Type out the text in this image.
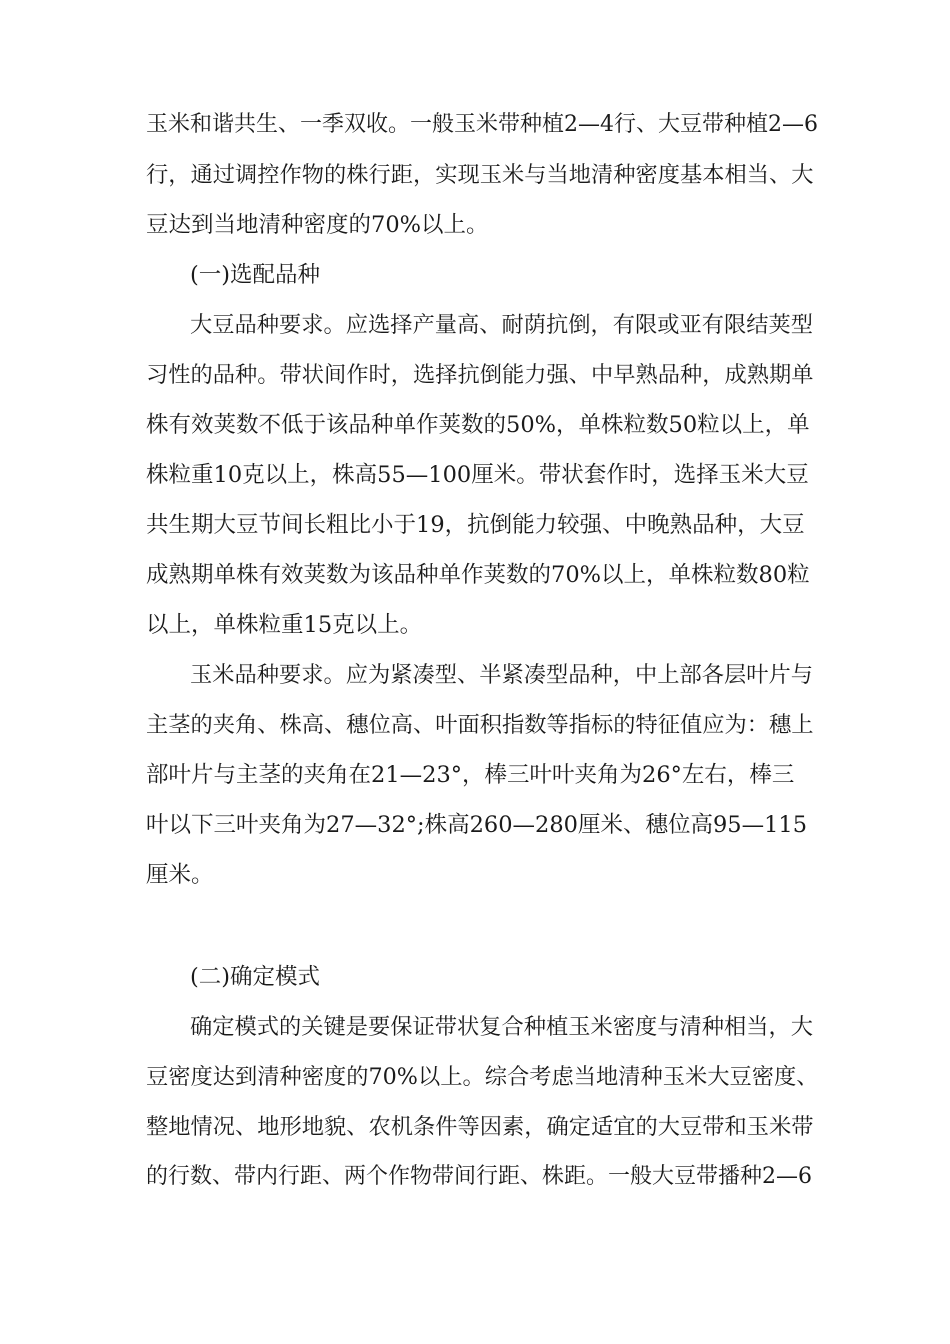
玉米和谐共生、一季双收。一般玉米带种植2—4行、大豆带种植2—6
行，通过调控作物的株行距，实现玉米与当地清种密度基本相当、大
豆达到当地清种密度的70%以上。
(一)选配品种
大豆品种要求。应选择产量高、耐荫抗倒，有限或亚有限结荚型
习性的品种。带状间作时，选择抗倒能力强、中早熟品种，成熟期单
株有效荚数不低于该品种单作荚数的50%，单株粒数50粒以上，单
株粒重10克以上，株高55—100厘米。带状套作时，选择玉米大豆
共生期大豆节间长粗比小于19，抗倒能力较强、中晚熟品种，大豆
成熟期单株有效荚数为该品种单作荚数的70%以上，单株粒数80粒
以上，单株粒重15克以上。
玉米品种要求。应为紧凑型、半紧凑型品种，中上部各层叶片与
主茎的夹角、株高、穗位高、叶面积指数等指标的特征值应为：穗上
部叶片与主茎的夹角在21—23°，棒三叶叶夹角为26°左右，棒三
叶以下三叶夹角为27—32°;株高260—280厘米、穗位高95—115
厘米。
(二)确定模式
确定模式的关键是要保证带状复合种植玉米密度与清种相当，大
豆密度达到清种密度的70%以上。综合考虑当地清种玉米大豆密度、
整地情况、地形地貌、农机条件等因素，确定适宜的大豆带和玉米带
的行数、带内行距、两个作物带间行距、株距。一般大豆带播种2—6
